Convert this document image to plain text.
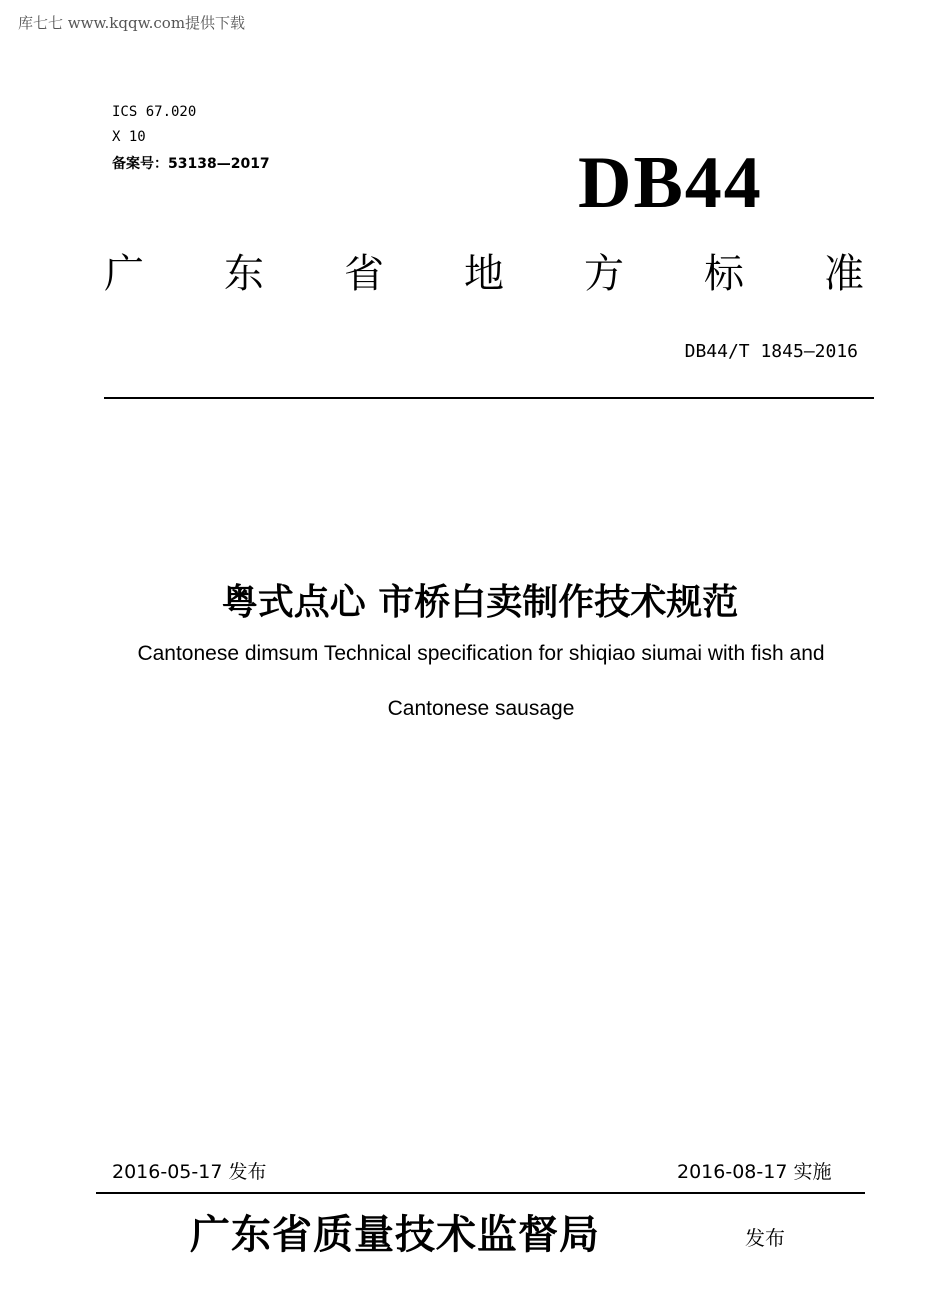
库七七 www.kqqw.com提供下载
ICS 67.020
X 10
备案号：53138—2017	DB44
广 东 省 地 方 标 准
DB44/T 1845—2016
粤式点心 市桥白卖制作技术规范
Cantonese dimsum Technical specification for shiqiao siumai with fish and
Cantonese sausage
2016-05-17 发布	2016-08-17 实施
广东省质量技术监督局	发布
